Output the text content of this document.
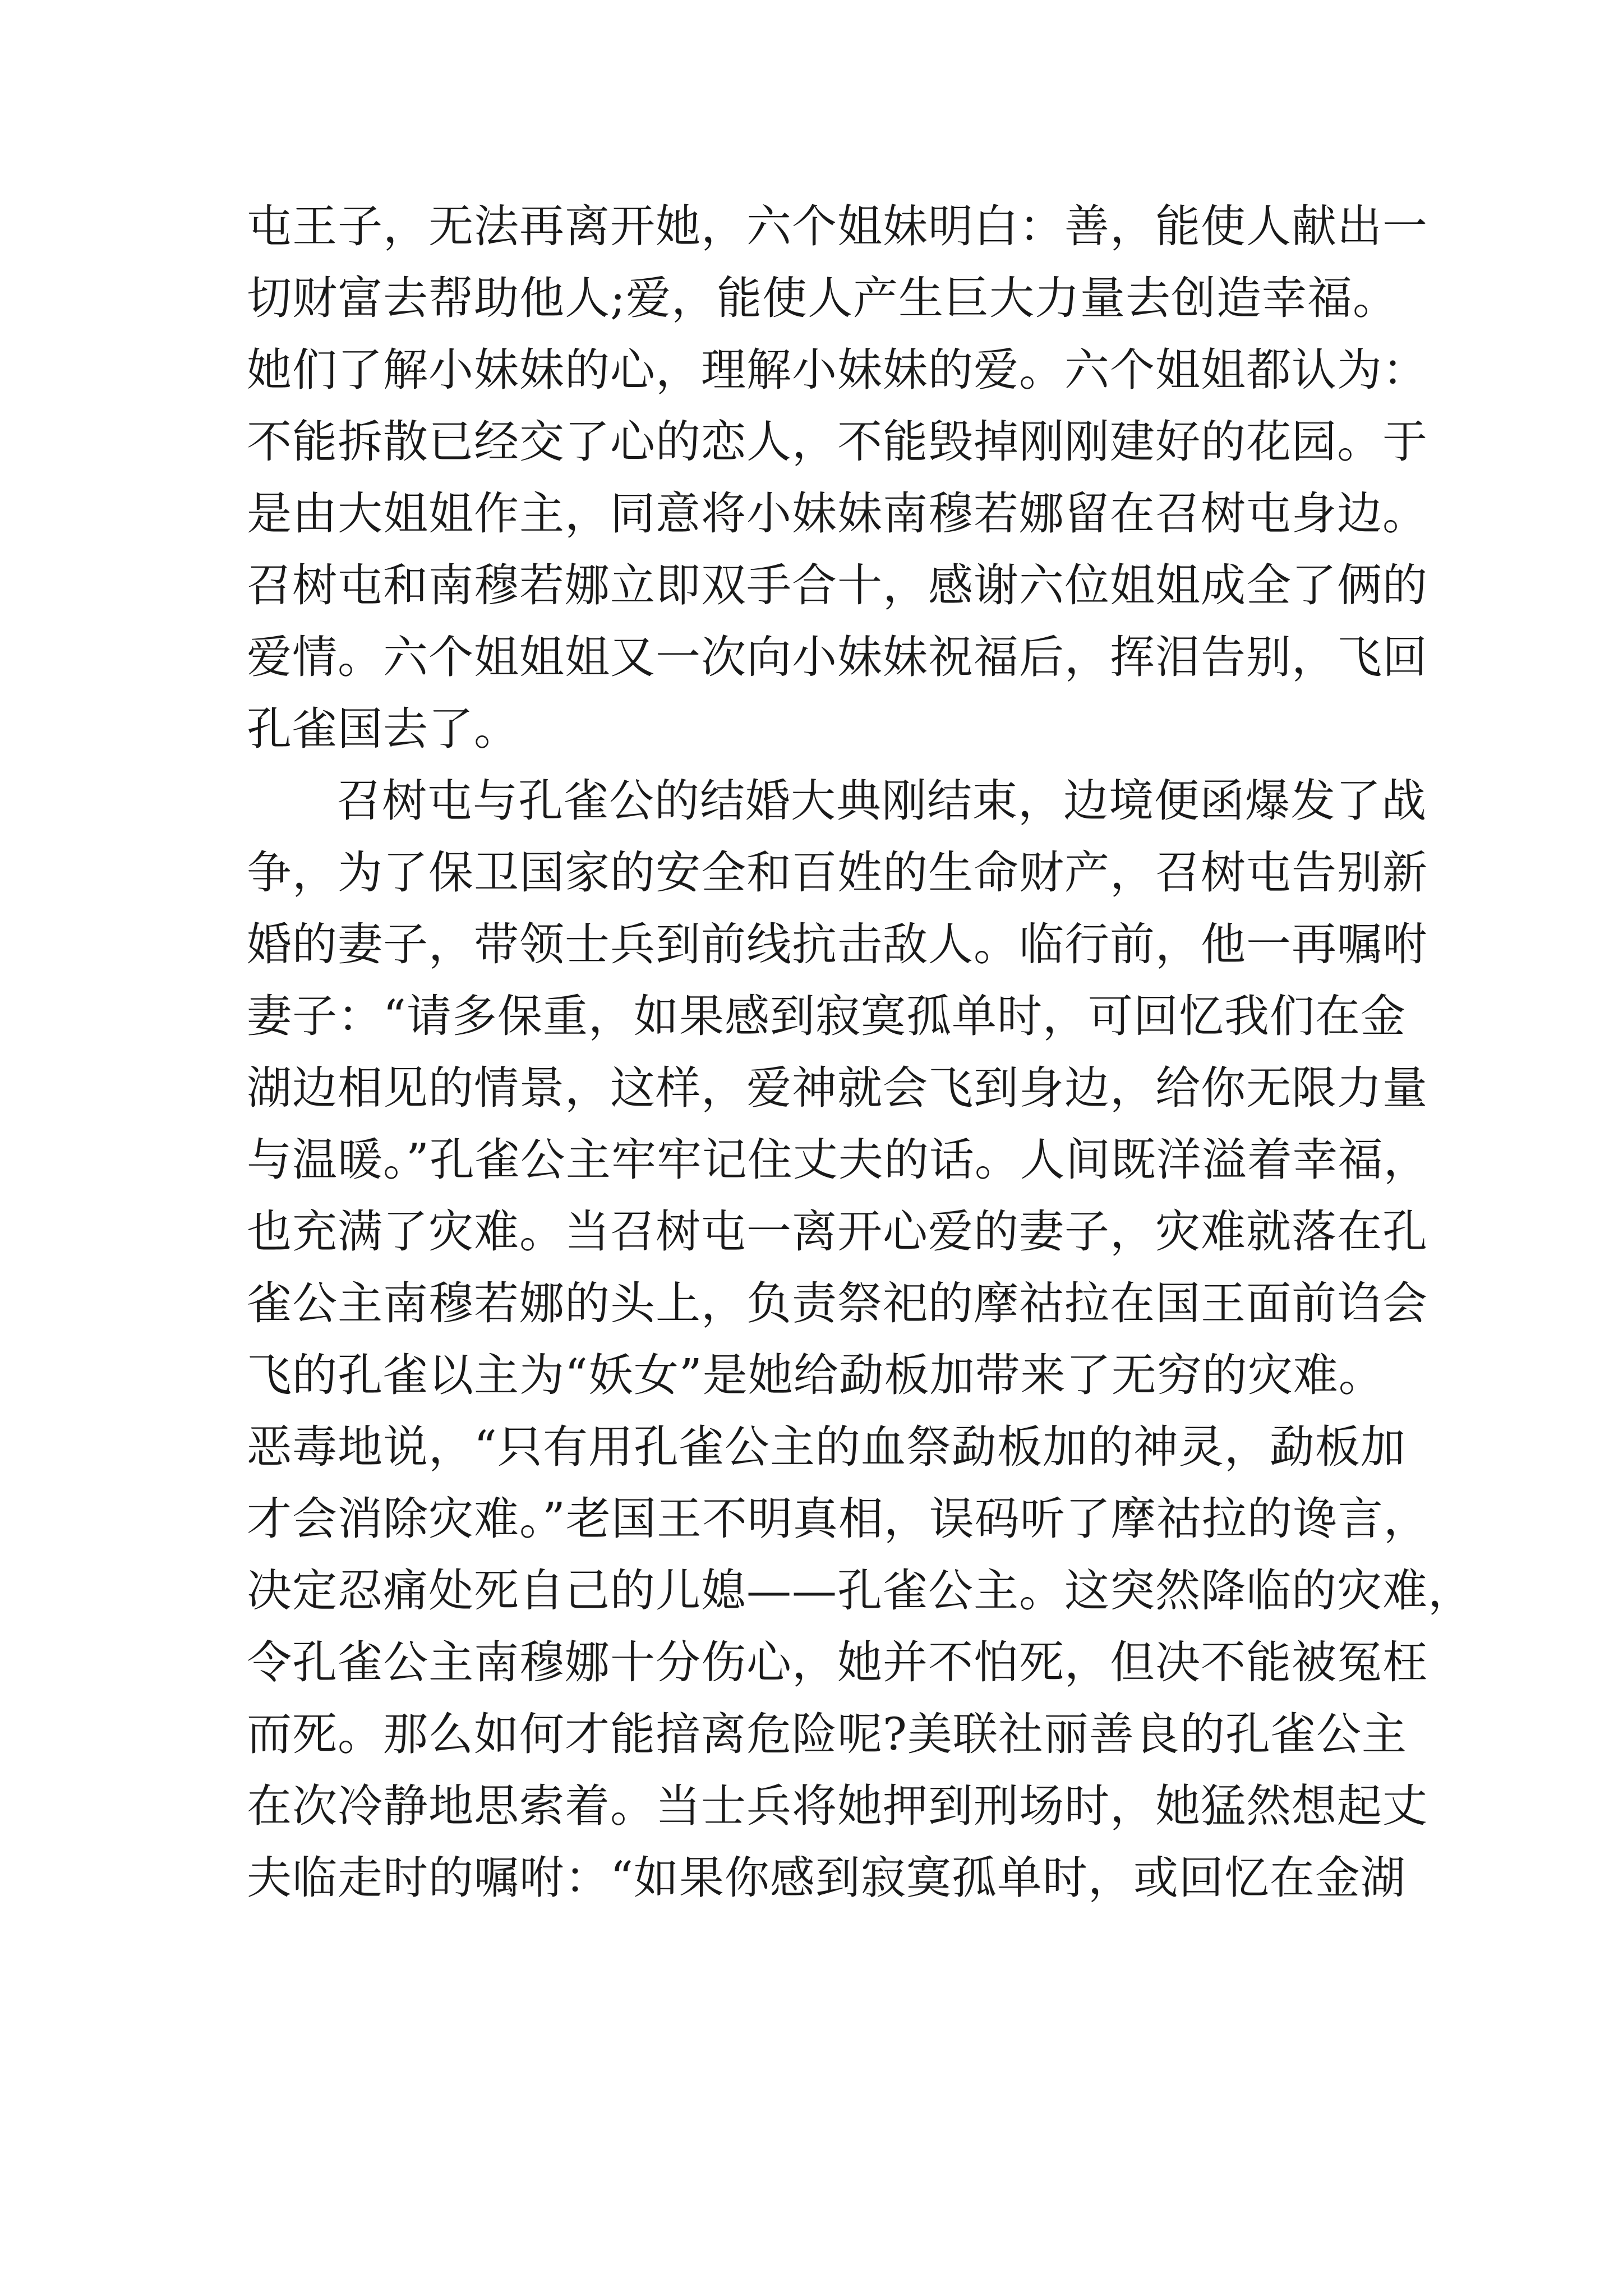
屯王子，无法再离开她，六个姐妹明白：善，能使人献出一
切财富去帮助他人;爱，能使人产生巨大力量去创造幸福。
她们了解小妹妹的心，理解小妹妹的爱。六个姐姐都认为：
不能拆散已经交了心的恋人，不能毁掉刚刚建好的花园。于
是由大姐姐作主，同意将小妹妹南穆若娜留在召树屯身边。
召树屯和南穆若娜立即双手合十，感谢六位姐姐成全了俩的
爱情。六个姐姐姐又一次向小妹妹祝福后，挥泪告别，飞回
孔雀国去了。
召树屯与孔雀公的结婚大典刚结束，边境便函爆发了战
争，为了保卫国家的安全和百姓的生命财产，召树屯告别新
婚的妻子，带领士兵到前线抗击敌人。临行前，他一再嘱咐
妻子：“请多保重，如果感到寂寞孤单时，可回忆我们在金
湖边相见的情景，这样，爱神就会飞到身边，给你无限力量
与温暖。”孔雀公主牢牢记住丈夫的话。人间既洋溢着幸福，
也充满了灾难。当召树屯一离开心爱的妻子，灾难就落在孔
雀公主南穆若娜的头上，负责祭祀的摩祜拉在国王面前诌会
飞的孔雀以主为“妖女”是她给勐板加带来了无穷的灾难。
恶毒地说，“只有用孔雀公主的血祭勐板加的神灵，勐板加
才会消除灾难。”老国王不明真相，误码听了摩祜拉的谗言，
决定忍痛处死自己的儿媳——孔雀公主。这突然降临的灾难，
令孔雀公主南穆娜十分伤心，她并不怕死，但决不能被冤枉
而死。那么如何才能揞离危险呢?美联社丽善良的孔雀公主
在次冷静地思索着。当士兵将她押到刑场时，她猛然想起丈
夫临走时的嘱咐：“如果你感到寂寞孤单时，或回忆在金湖
